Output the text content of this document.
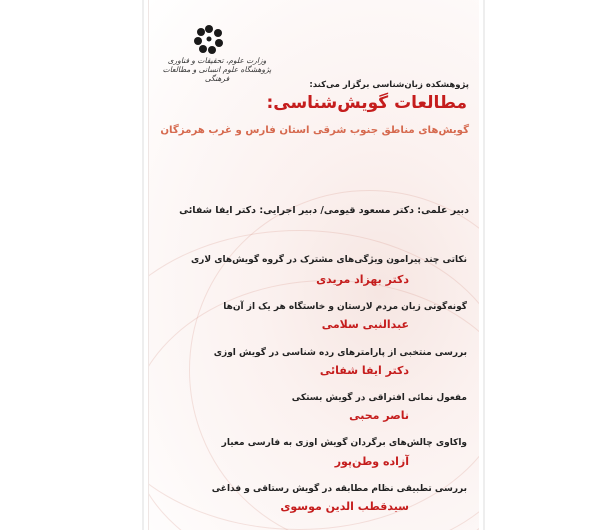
وزارت علوم، تحقیقات و فناوری
پژوهشگاه علوم انسانی و مطالعات فرهنگی
پژوهشکده زبان‌شناسی برگزار می‌کند:
مطالعات گویش‌شناسی:
گویش‌های مناطق جنوب شرقی استان فارس و غرب هرمزگان
دبیر علمی: دکتر مسعود قیومی/ دبیر اجرایی: دکتر ایفا شفائی
نکاتی چند پیرامون ویژگی‌های مشترک در گروه گویش‌های لاری
دکتر بهزاد مریدی
گونه‌گونی زبان مردم لارستان و خاستگاه هر یک از آن‌ها
عبدالنبی سلامی
بررسی منتخبی از پارامترهای رده شناسی در گویش اوزی
دکتر ایفا شفائی
مفعول نمائی افتراقی در گویش بستکی
ناصر محبی
واکاوی چالش‌های برگردان گویش اوزی به فارسی معیار
آزاده وطن‌پور
بررسی تطبیقی نظام مطابقه در گویش رستاقی و فداغی
سیدقطب الدین موسوی
